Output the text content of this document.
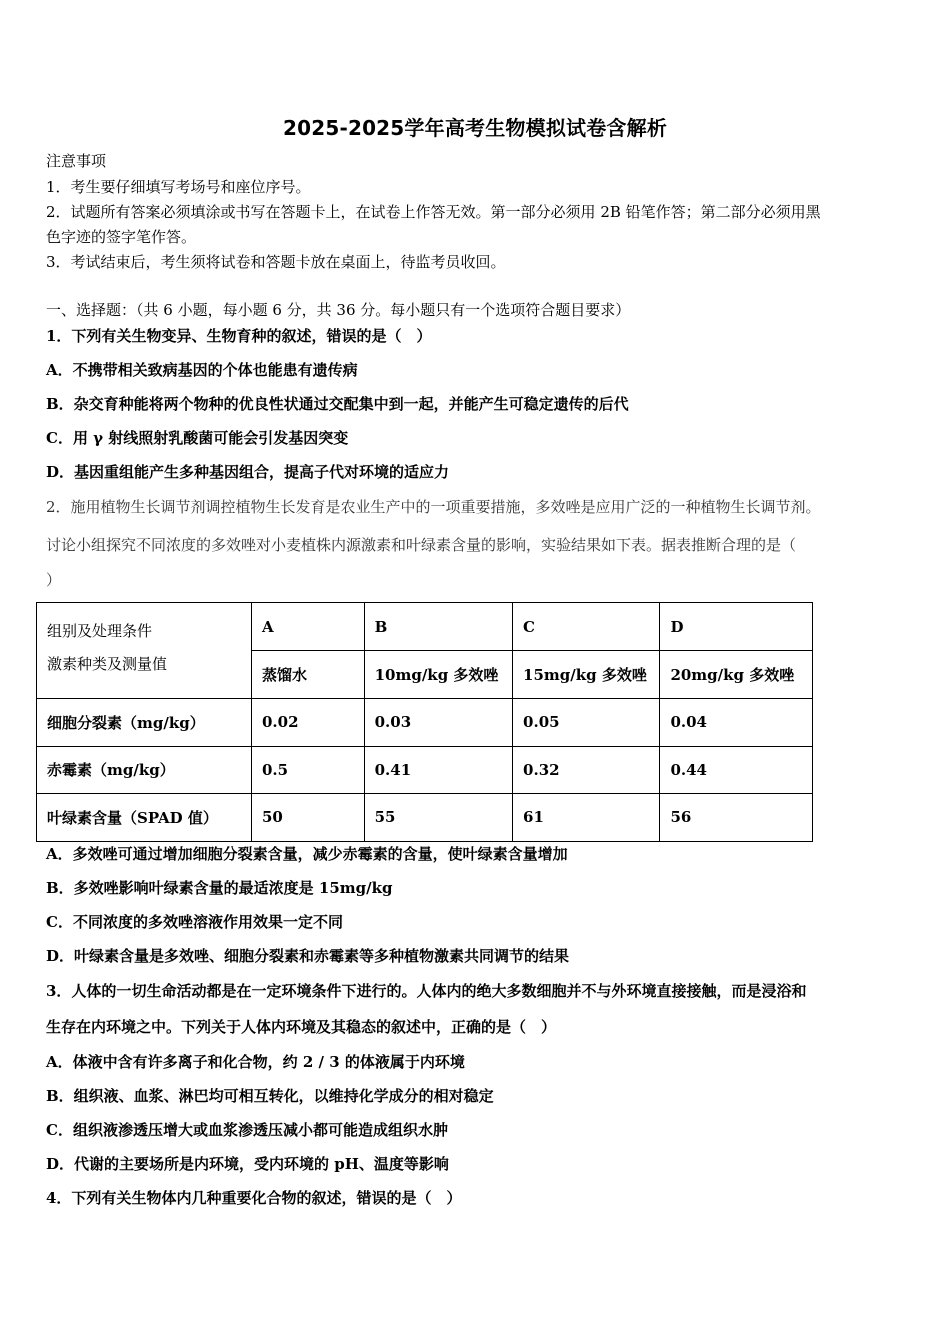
2025-2025学年高考生物模拟试卷含解析
注意事项
1．考生要仔细填写考场号和座位序号。
2．试题所有答案必须填涂或书写在答题卡上，在试卷上作答无效。第一部分必须用 2B 铅笔作答；第二部分必须用黑
色字迹的签字笔作答。
3．考试结束后，考生须将试卷和答题卡放在桌面上，待监考员收回。
一、选择题：（共 6 小题，每小题 6 分，共 36 分。每小题只有一个选项符合题目要求）
1．下列有关生物变异、生物育种的叙述，错误的是（　）
A．不携带相关致病基因的个体也能患有遗传病
B．杂交育种能将两个物种的优良性状通过交配集中到一起，并能产生可稳定遗传的后代
C．用 γ 射线照射乳酸菌可能会引发基因突变
D．基因重组能产生多种基因组合，提高子代对环境的适应力
2．施用植物生长调节剂调控植物生长发育是农业生产中的一项重要措施，多效唑是应用广泛的一种植物生长调节剂。
讨论小组探究不同浓度的多效唑对小麦植株内源激素和叶绿素含量的影响，实验结果如下表。据表推断合理的是（
）
组别及处理条件
激素种类及测量值	A	B	C	D
	蒸馏水	10mg/kg 多效唑	15mg/kg 多效唑	20mg/kg 多效唑
细胞分裂素（mg/kg）	0.02	0.03	0.05	0.04
赤霉素（mg/kg）	0.5	0.41	0.32	0.44
叶绿素含量（SPAD 值）	50	55	61	56
A．多效唑可通过增加细胞分裂素含量，减少赤霉素的含量，使叶绿素含量增加
B．多效唑影响叶绿素含量的最适浓度是 15mg/kg
C．不同浓度的多效唑溶液作用效果一定不同
D．叶绿素含量是多效唑、细胞分裂素和赤霉素等多种植物激素共同调节的结果
3．人体的一切生命活动都是在一定环境条件下进行的。人体内的绝大多数细胞并不与外环境直接接触，而是浸浴和
生存在内环境之中。下列关于人体内环境及其稳态的叙述中，正确的是（　）
A．体液中含有许多离子和化合物，约 2 / 3 的体液属于内环境
B．组织液、血浆、淋巴均可相互转化，以维持化学成分的相对稳定
C．组织液渗透压增大或血浆渗透压减小都可能造成组织水肿
D．代谢的主要场所是内环境，受内环境的 pH、温度等影响
4．下列有关生物体内几种重要化合物的叙述，错误的是（　）
